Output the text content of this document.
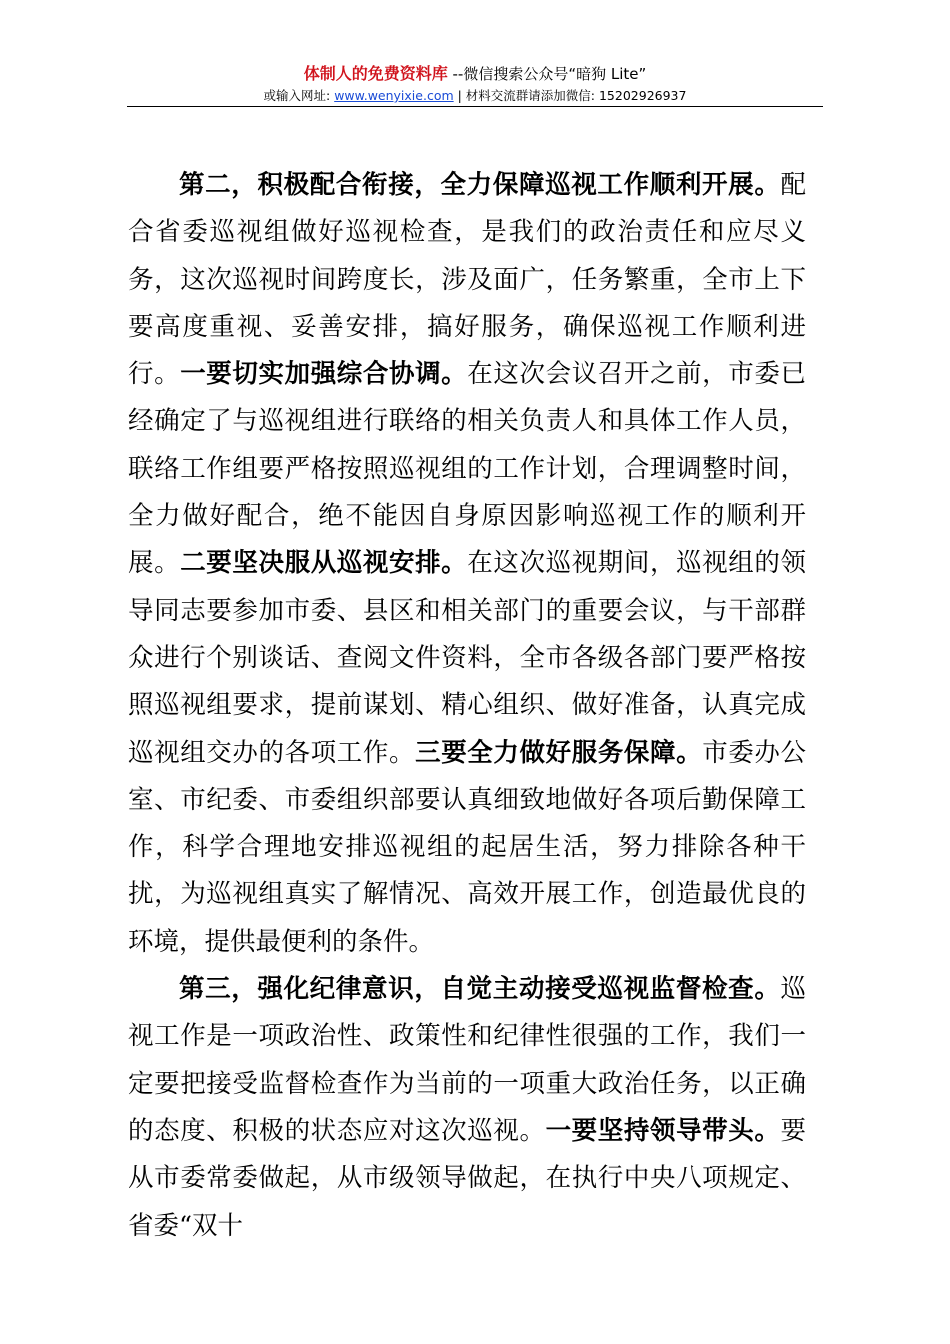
体制人的免费资料库 --微信搜索公众号“暗狗 Lite”
或输入网址: www.wenyixie.com | 材料交流群请添加微信: 15202926937

第二，积极配合衔接，全力保障巡视工作顺利开展。配合省委巡视组做好巡视检查，是我们的政治责任和应尽义务，这次巡视时间跨度长，涉及面广，任务繁重，全市上下要高度重视、妥善安排，搞好服务，确保巡视工作顺利进行。一要切实加强综合协调。在这次会议召开之前，市委已经确定了与巡视组进行联络的相关负责人和具体工作人员，联络工作组要严格按照巡视组的工作计划，合理调整时间，全力做好配合，绝不能因自身原因影响巡视工作的顺利开展。二要坚决服从巡视安排。在这次巡视期间，巡视组的领导同志要参加市委、县区和相关部门的重要会议，与干部群众进行个别谈话、查阅文件资料，全市各级各部门要严格按照巡视组要求，提前谋划、精心组织、做好准备，认真完成巡视组交办的各项工作。三要全力做好服务保障。市委办公室、市纪委、市委组织部要认真细致地做好各项后勤保障工作，科学合理地安排巡视组的起居生活，努力排除各种干扰，为巡视组真实了解情况、高效开展工作，创造最优良的环境，提供最便利的条件。

第三，强化纪律意识，自觉主动接受巡视监督检查。巡视工作是一项政治性、政策性和纪律性很强的工作，我们一定要把接受监督检查作为当前的一项重大政治任务，以正确的态度、积极的状态应对这次巡视。一要坚持领导带头。要从市委常委做起，从市级领导做起，在执行中央八项规定、省委“双十
